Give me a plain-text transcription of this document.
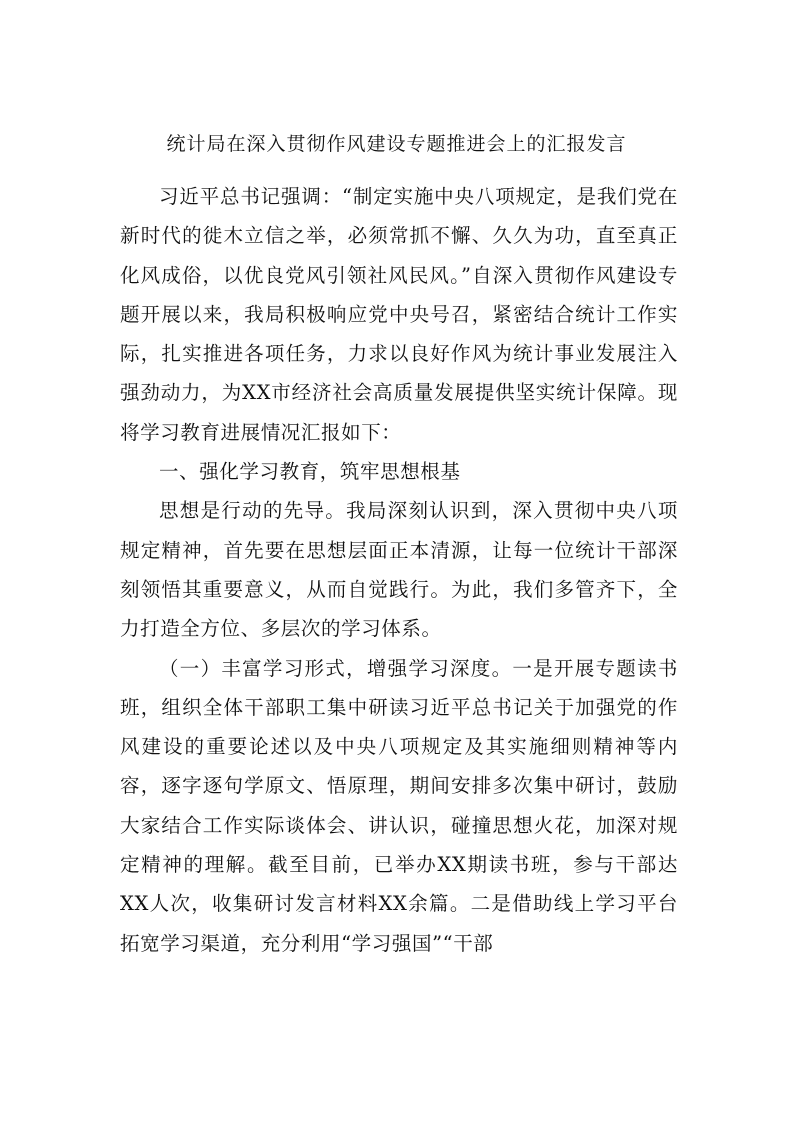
统计局在深入贯彻作风建设专题推进会上的汇报发言

习近平总书记强调：“制定实施中央八项规定，是我们党在新时代的徙木立信之举，必须常抓不懈、久久为功，直至真正化风成俗，以优良党风引领社风民风。”自深入贯彻作风建设专题开展以来，我局积极响应党中央号召，紧密结合统计工作实际，扎实推进各项任务，力求以良好作风为统计事业发展注入强劲动力，为XX市经济社会高质量发展提供坚实统计保障。现将学习教育进展情况汇报如下：

一、强化学习教育，筑牢思想根基

思想是行动的先导。我局深刻认识到，深入贯彻中央八项规定精神，首先要在思想层面正本清源，让每一位统计干部深刻领悟其重要意义，从而自觉践行。为此，我们多管齐下，全力打造全方位、多层次的学习体系。

（一）丰富学习形式，增强学习深度。一是开展专题读书班，组织全体干部职工集中研读习近平总书记关于加强党的作风建设的重要论述以及中央八项规定及其实施细则精神等内容，逐字逐句学原文、悟原理，期间安排多次集中研讨，鼓励大家结合工作实际谈体会、讲认识，碰撞思想火花，加深对规定精神的理解。截至目前，已举办XX期读书班，参与干部达XX人次，收集研讨发言材料XX余篇。二是借助线上学习平台拓宽学习渠道，充分利用“学习强国”“干部
